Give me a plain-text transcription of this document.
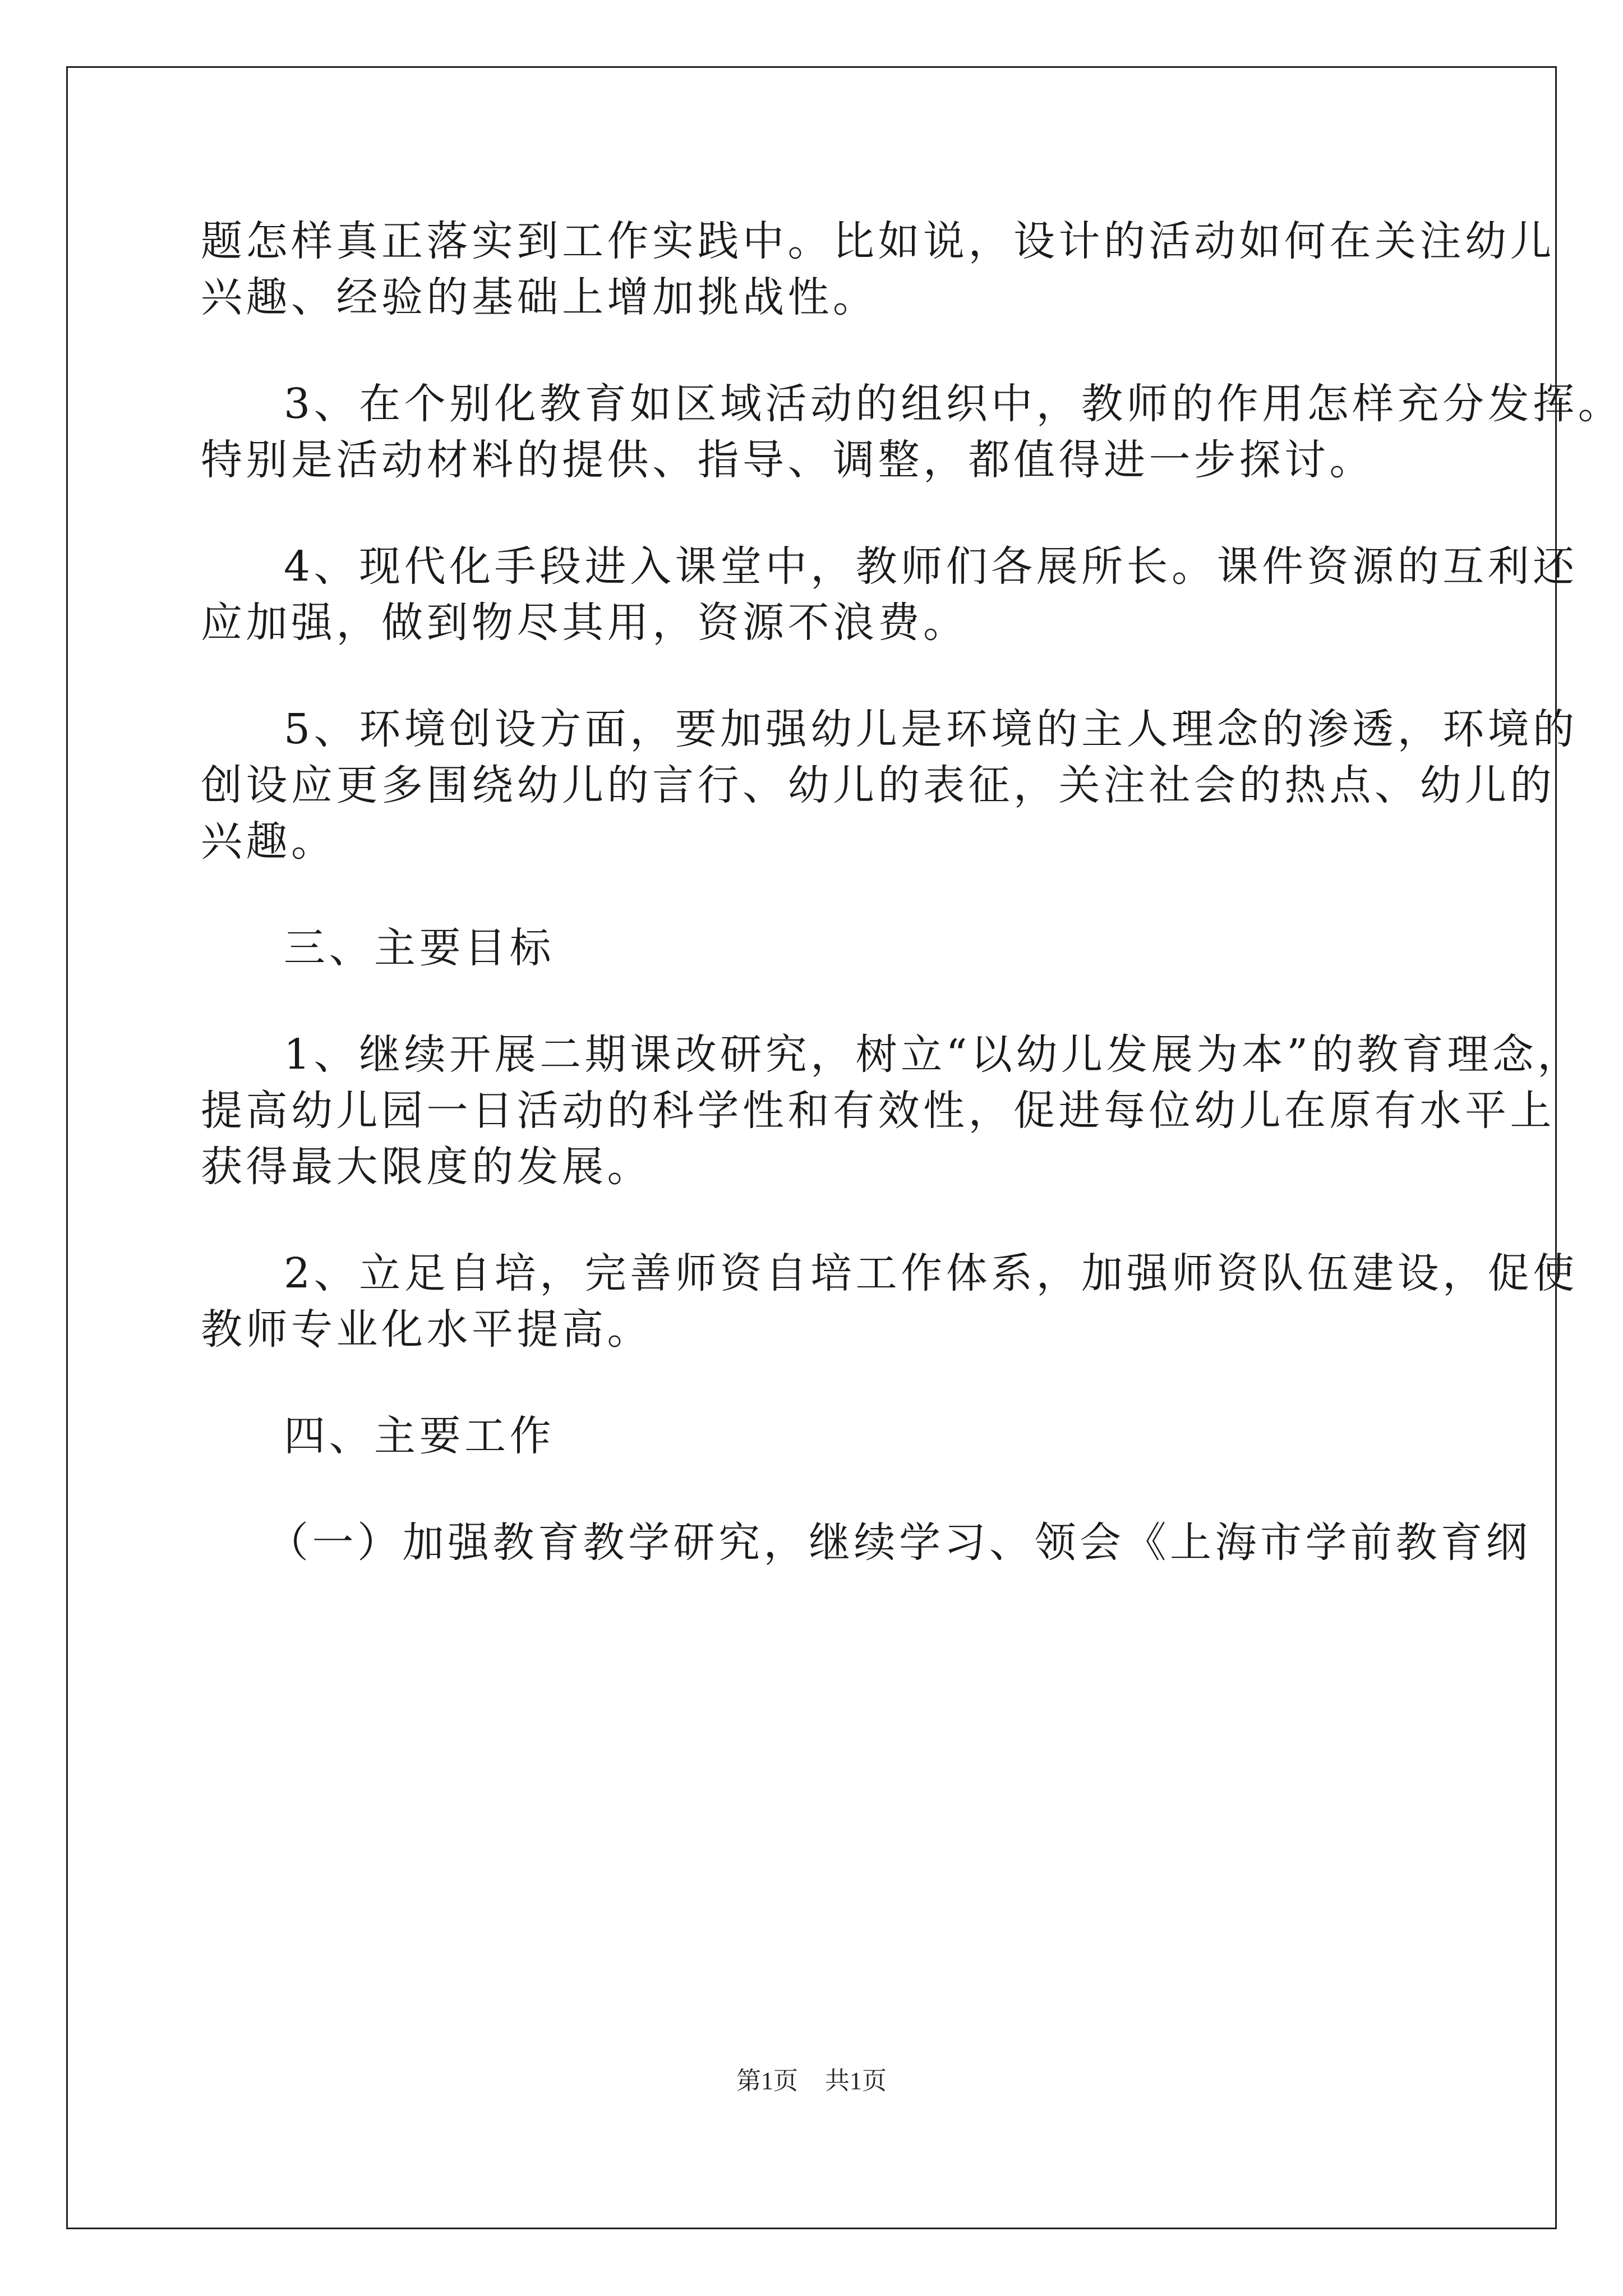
题怎样真正落实到工作实践中。比如说，设计的活动如何在关注幼儿
兴趣、经验的基础上增加挑战性。
3、在个别化教育如区域活动的组织中，教师的作用怎样充分发挥。
特别是活动材料的提供、指导、调整，都值得进一步探讨。
4、现代化手段进入课堂中，教师们各展所长。课件资源的互利还
应加强，做到物尽其用，资源不浪费。
5、环境创设方面，要加强幼儿是环境的主人理念的渗透，环境的
创设应更多围绕幼儿的言行、幼儿的表征，关注社会的热点、幼儿的
兴趣。
三、主要目标
1、继续开展二期课改研究，树立“以幼儿发展为本”的教育理念，
提高幼儿园一日活动的科学性和有效性，促进每位幼儿在原有水平上
获得最大限度的发展。
2、立足自培，完善师资自培工作体系，加强师资队伍建设，促使
教师专业化水平提高。
四、主要工作
（一）加强教育教学研究，继续学习、领会《上海市学前教育纲
第1页 共1页
